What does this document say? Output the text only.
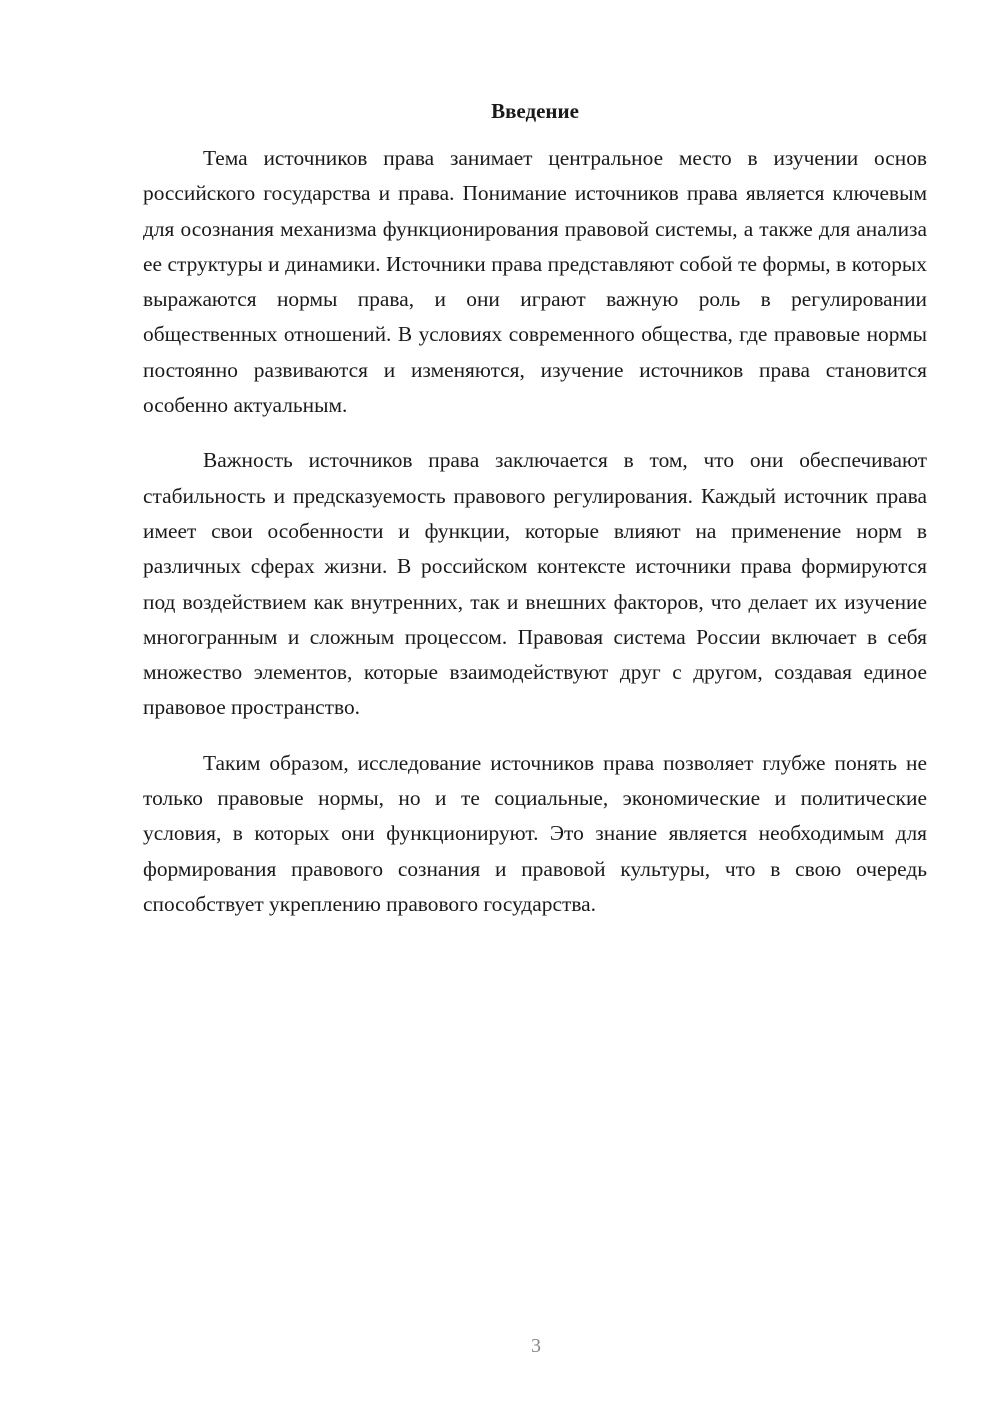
Введение

Тема источников права занимает центральное место в изучении основ российского государства и права. Понимание источников права является ключевым для осознания механизма функционирования правовой системы, а также для анализа ее структуры и динамики. Источники права представляют собой те формы, в которых выражаются нормы права, и они играют важную роль в регулировании общественных отношений. В условиях современного общества, где правовые нормы постоянно развиваются и изменяются, изучение источников права становится особенно актуальным.

Важность источников права заключается в том, что они обеспечивают стабильность и предсказуемость правового регулирования. Каждый источник права имеет свои особенности и функции, которые влияют на применение норм в различных сферах жизни. В российском контексте источники права формируются под воздействием как внутренних, так и внешних факторов, что делает их изучение многогранным и сложным процессом. Правовая система России включает в себя множество элементов, которые взаимодействуют друг с другом, создавая единое правовое пространство.

Таким образом, исследование источников права позволяет глубже понять не только правовые нормы, но и те социальные, экономические и политические условия, в которых они функционируют. Это знание является необходимым для формирования правового сознания и правовой культуры, что в свою очередь способствует укреплению правового государства.

3
